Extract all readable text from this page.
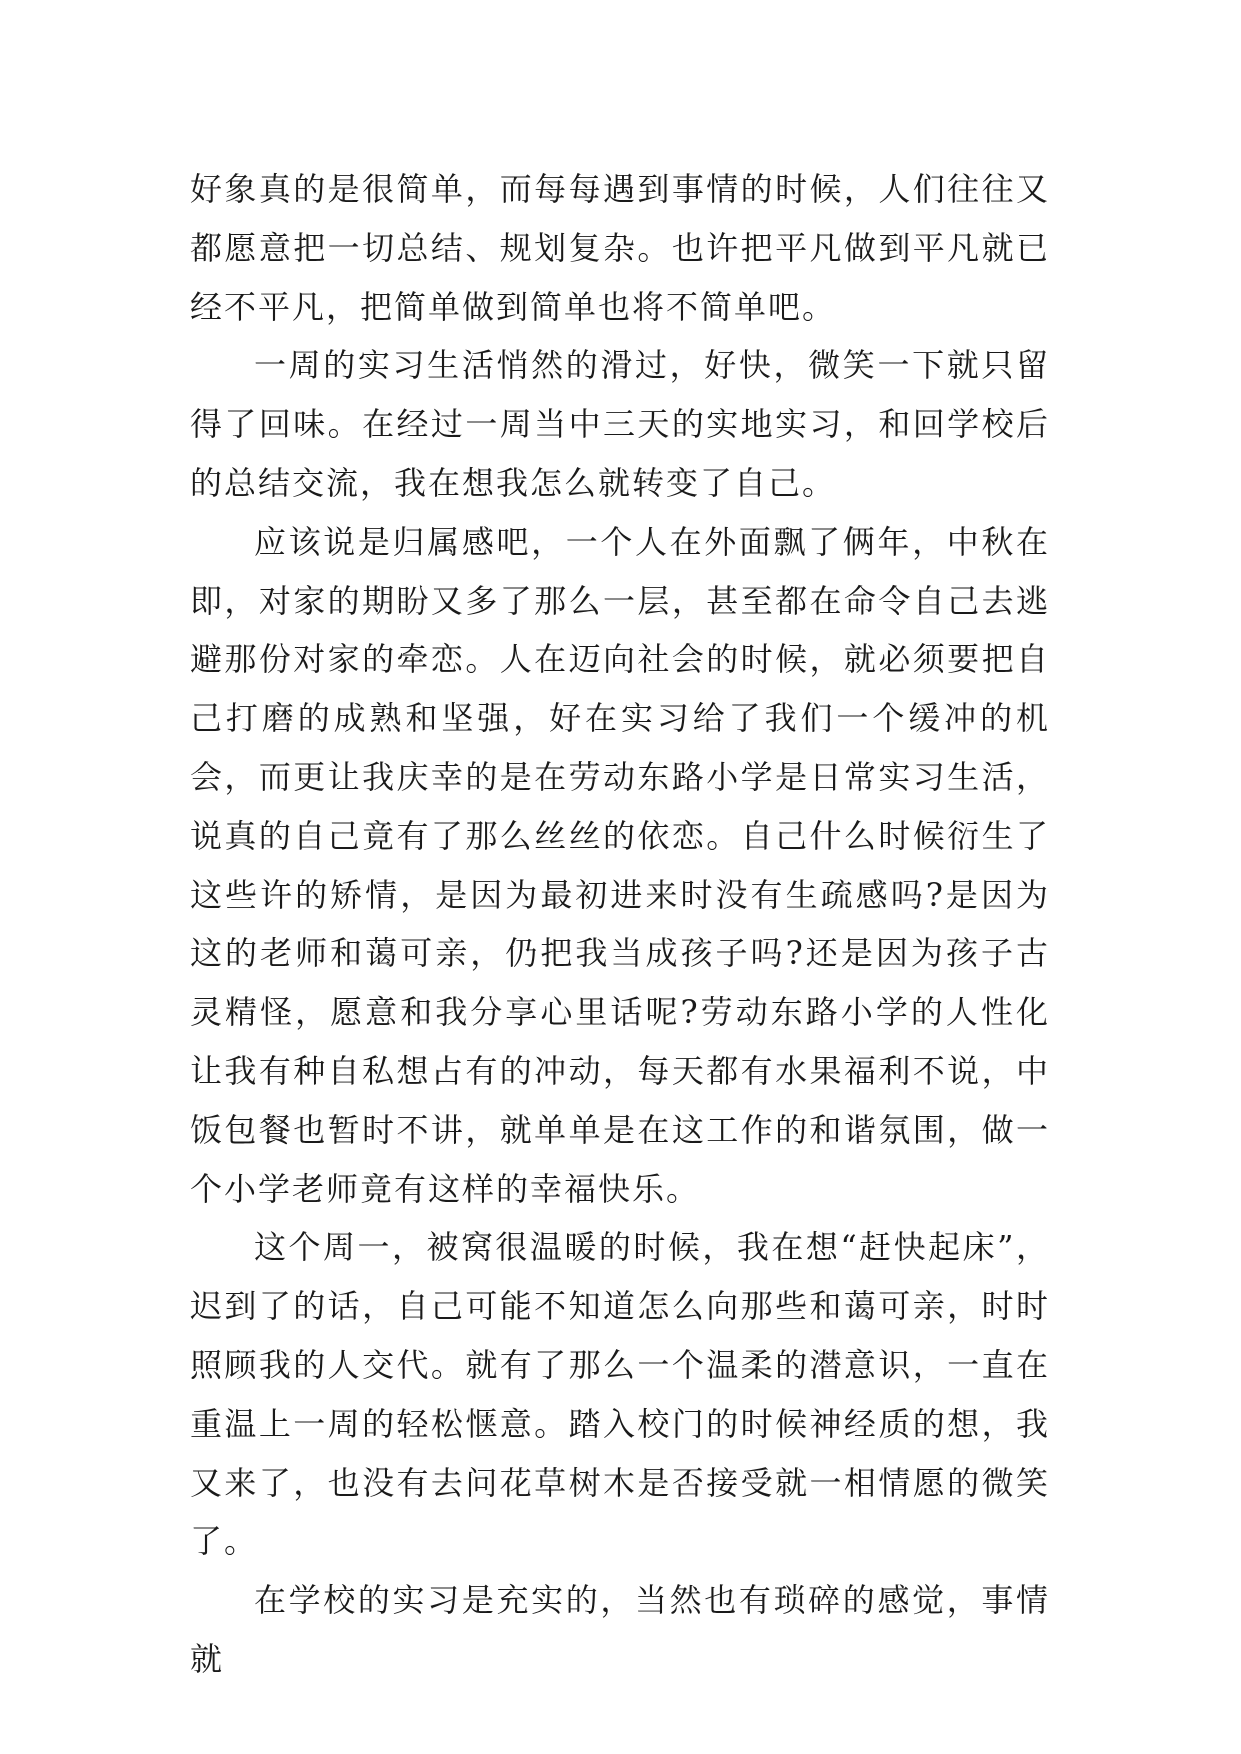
好象真的是很简单，而每每遇到事情的时候，人们往往又都愿意把一切总结、规划复杂。也许把平凡做到平凡就已经不平凡，把简单做到简单也将不简单吧。

一周的实习生活悄然的滑过，好快，微笑一下就只留得了回味。在经过一周当中三天的实地实习，和回学校后的总结交流，我在想我怎么就转变了自己。

应该说是归属感吧，一个人在外面飘了俩年，中秋在即，对家的期盼又多了那么一层，甚至都在命令自己去逃避那份对家的牵恋。人在迈向社会的时候，就必须要把自己打磨的成熟和坚强，好在实习给了我们一个缓冲的机会，而更让我庆幸的是在劳动东路小学是日常实习生活，说真的自己竟有了那么丝丝的依恋。自己什么时候衍生了这些许的矫情，是因为最初进来时没有生疏感吗?是因为这的老师和蔼可亲，仍把我当成孩子吗?还是因为孩子古灵精怪，愿意和我分享心里话呢?劳动东路小学的人性化让我有种自私想占有的冲动，每天都有水果福利不说，中饭包餐也暂时不讲，就单单是在这工作的和谐氛围，做一个小学老师竟有这样的幸福快乐。

这个周一，被窝很温暖的时候，我在想“赶快起床”，迟到了的话，自己可能不知道怎么向那些和蔼可亲，时时照顾我的人交代。就有了那么一个温柔的潜意识，一直在重温上一周的轻松惬意。踏入校门的时候神经质的想，我又来了，也没有去问花草树木是否接受就一相情愿的微笑了。

在学校的实习是充实的，当然也有琐碎的感觉，事情就
